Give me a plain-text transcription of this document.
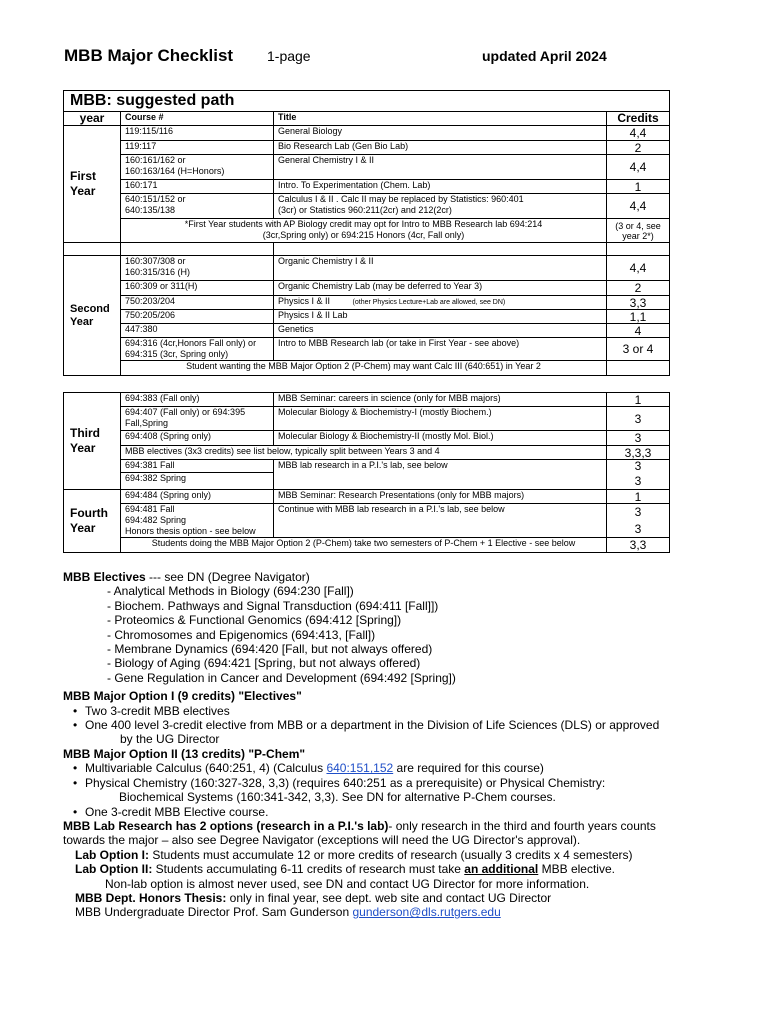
MBB Major Checklist 1-page	updated April 2024
MBB: suggested path			
year	Course #	Title	Credits
First Year	119:115/116	General Biology	4,4
	119:117	Bio Research Lab (Gen Bio Lab)	2

	160:161/162 or
160:163/164 (H=Honors)	General Chemistry I & II	4,4
	160:171	Intro. To Experimentation (Chem. Lab)	1

	640:151/152 or
640:135/138	Calculus I & II . Calc II may be replaced by Statistics: 960:401
(3cr) or Statistics 960:211(2cr) and 212(2cr)	4,4

	*First Year students with AP Biology credit may opt for Intro to MBB Research lab 694:214
(3cr,Spring only) or 694:215 Honors (4cr, Fall only)		(3 or 4, see
year 2*)

Second Year	160:307/308 or
160:315/316 (H)	Organic Chemistry I & II	4,4
	160:309 or 311(H)	Organic Chemistry Lab (may be deferred to Year 3)	2
	750:203/204	Physics I & II (other Physics Lecture+Lab are allowed, see DN)	3,3
	750:205/206	Physics I & II Lab	1,1
	447:380	Genetics	4

	694:316 (4cr,Honors Fall only) or
694:315 (3cr, Spring only)	Intro to MBB Research lab (or take in First Year - see above)	3 or 4
	Student wanting the MBB Major Option 2 (P-Chem) may want Calc III (640:651) in Year 2		
Third Year	694:383 (Fall only)	MBB Seminar: careers in science (only for MBB majors)	1

	694:407 (Fall only) or 694:395
Fall,Spring	Molecular Biology & Biochemistry-I (mostly Biochem.)	3
	694:408 (Spring only)	Molecular Biology & Biochemistry-II (mostly Mol. Biol.)	3
	MBB electives (3x3 credits) see list below, typically split between Years 3 and 4		3,3,3
	694:381 Fall	MBB lab research in a P.I.'s lab, see below	3
	694:382 Spring		3
Fourth Year	694:484 (Spring only)	MBB Seminar: Research Presentations (only for MBB majors)	1

	694:481 Fall
694:482 Spring
Honors thesis option - see below	Continue with MBB lab research in a P.I.'s lab, see below	3
			3
	Students doing the MBB Major Option 2 (P-Chem) take two semesters of P-Chem + 1 Elective - see below		3,3

MBB Electives --- see DN (Degree Navigator)

- Analytical Methods in Biology (694:230 [Fall])

- Biochem. Pathways and Signal Transduction (694:411 [Fall]])

- Proteomics & Functional Genomics (694:412 [Spring])

- Chromosomes and Epigenomics (694:413, [Fall])

- Membrane Dynamics (694:420 [Fall, but not always offered)

- Biology of Aging (694:421 [Spring, but not always offered)

- Gene Regulation in Cancer and Development (694:492 [Spring])

MBB Major Option I (9 credits) "Electives"

• Two 3-credit MBB electives

• One 400 level 3-credit elective from MBB or a department in the Division of Life Sciences (DLS) or approved

by the UG Director

MBB Major Option II (13 credits) "P-Chem"

• Multivariable Calculus (640:251, 4) (Calculus 640:151,152 are required for this course)

• Physical Chemistry (160:327-328, 3,3) (requires 640:251 as a prerequisite) or Physical Chemistry:

Biochemical Systems (160:341-342, 3,3). See DN for alternative P-Chem courses.

• One 3-credit MBB Elective course.

MBB Lab Research has 2 options (research in a P.I.'s lab)- only research in the third and fourth years counts

towards the major – also see Degree Navigator (exceptions will need the UG Director's approval).

Lab Option I: Students must accumulate 12 or more credits of research (usually 3 credits x 4 semesters)

Lab Option II: Students accumulating 6-11 credits of research must take an additional MBB elective.

Non-lab option is almost never used, see DN and contact UG Director for more information.

MBB Dept. Honors Thesis: only in final year, see dept. web site and contact UG Director

MBB Undergraduate Director Prof. Sam Gunderson gunderson@dls.rutgers.edu
